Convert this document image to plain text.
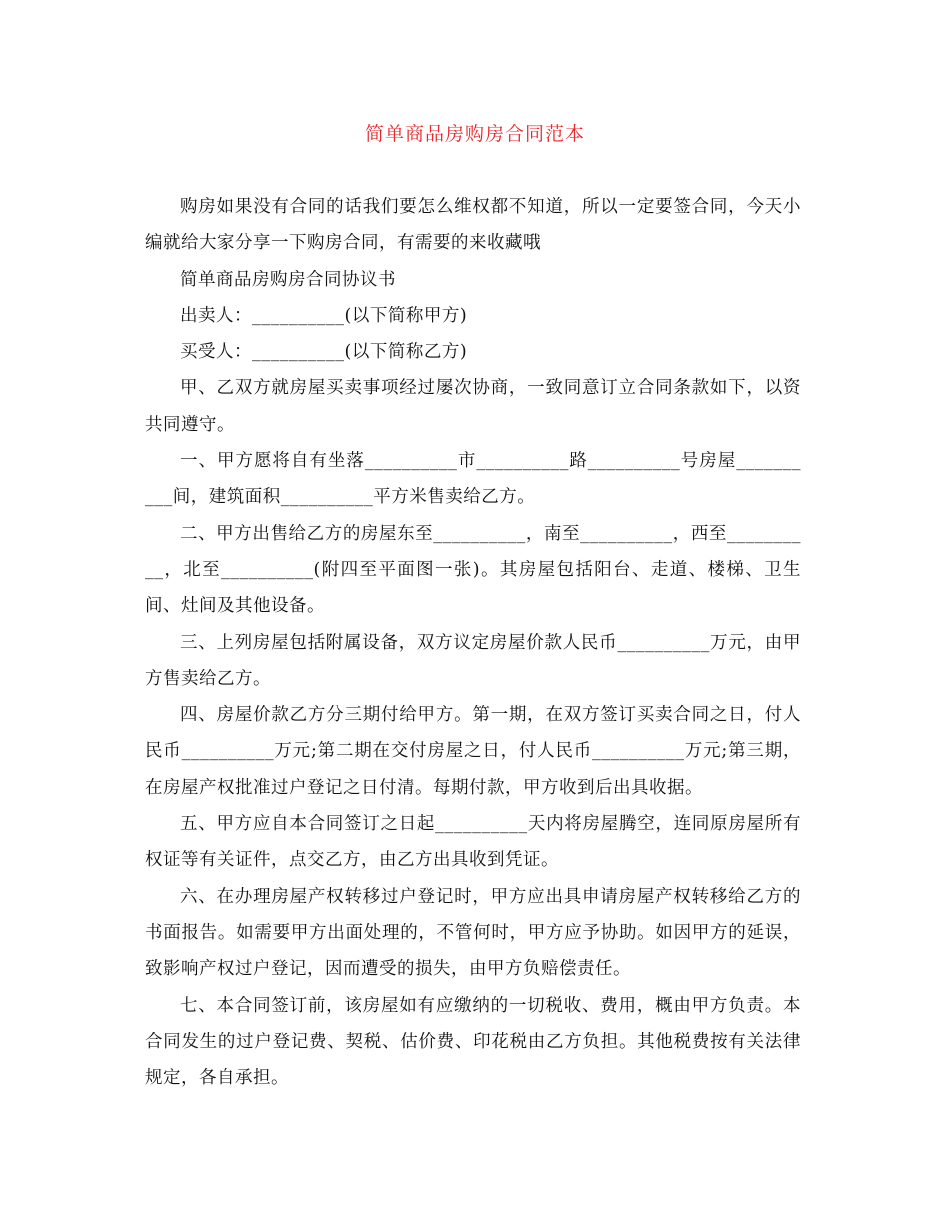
简单商品房购房合同范本

购房如果没有合同的话我们要怎么维权都不知道，所以一定要签合同，今天小编就给大家分享一下购房合同，有需要的来收藏哦

简单商品房购房合同协议书

出卖人：__________(以下简称甲方)

买受人：__________(以下简称乙方)

甲、乙双方就房屋买卖事项经过屡次协商，一致同意订立合同条款如下，以资共同遵守。

一、甲方愿将自有坐落__________市__________路__________号房屋__________间，建筑面积__________平方米售卖给乙方。

二、甲方出售给乙方的房屋东至__________，南至__________，西至__________，北至__________(附四至平面图一张)。其房屋包括阳台、走道、楼梯、卫生间、灶间及其他设备。

三、上列房屋包括附属设备，双方议定房屋价款人民币__________万元，由甲方售卖给乙方。

四、房屋价款乙方分三期付给甲方。第一期，在双方签订买卖合同之日，付人民币__________万元;第二期在交付房屋之日，付人民币__________万元;第三期，在房屋产权批准过户登记之日付清。每期付款，甲方收到后出具收据。

五、甲方应自本合同签订之日起__________天内将房屋腾空，连同原房屋所有权证等有关证件，点交乙方，由乙方出具收到凭证。

六、在办理房屋产权转移过户登记时，甲方应出具申请房屋产权转移给乙方的书面报告。如需要甲方出面处理的，不管何时，甲方应予协助。如因甲方的延误，致影响产权过户登记，因而遭受的损失，由甲方负赔偿责任。

七、本合同签订前，该房屋如有应缴纳的一切税收、费用，概由甲方负责。本合同发生的过户登记费、契税、估价费、印花税由乙方负担。其他税费按有关法律规定，各自承担。
